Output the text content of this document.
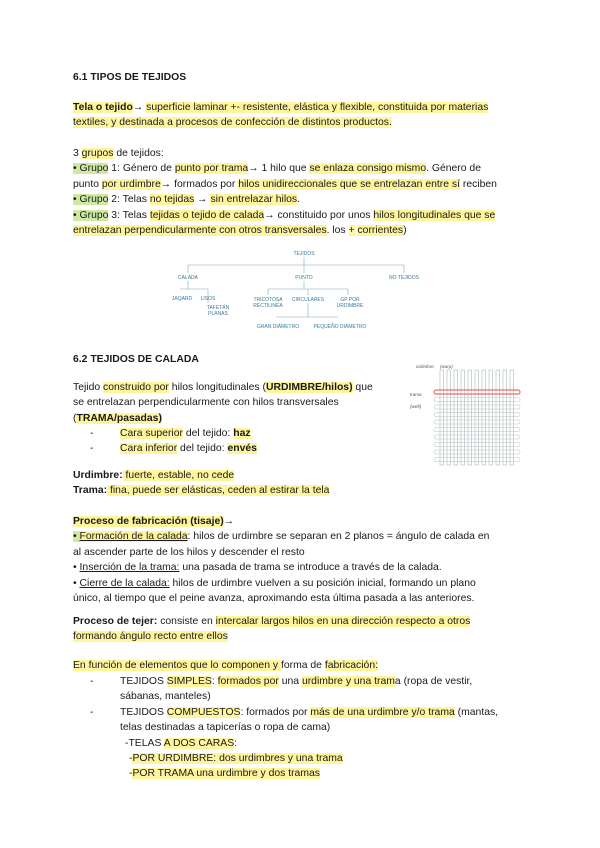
6.1 TIPOS DE TEJIDOS

Tela o tejido→ superficie laminar +- resistente, elástica y flexible, constituida por materias
textiles, y destinada a procesos de confección de distintos productos.

3 grupos de tejidos:
• Grupo 1: Género de punto por trama→ 1 hilo que se enlaza consigo mismo. Género de
punto por urdimbre→ formados por hilos unidireccionales que se entrelazan entre sí reciben
• Grupo 2: Telas no tejidas → sin entrelazar hilos.
• Grupo 3: Telas tejidas o tejido de calada→ constituido por unos hilos longitudinales que se
entrelazan perpendicularmente con otros transversales. los + corrientes)

TEJIDOS
CALADA	PUNTO	NO TEJIDOS
JAQARD LISOS
TAFETÁN
PLANAS
TRICOTOSA
RECTILINEA
CIRCULARES	GP POR
URDIMBRE
GRAN DIÁMETRO	PEQUEÑO DIÁMETRO

6.2 TEJIDOS DE CALADA

Tejido construido por hilos longitudinales (URDIMBRE/hilos) que
se entrelazan perpendicularmente con hilos transversales
(TRAMA/pasadas)

-	Cara superior del tejido: haz
-	Cara inferior del tejido: envés

urdimbre (warp)
trama
(weft)

Urdimbre: fuerte, estable, no cede
Trama: fina, puede ser elásticas, ceden al estirar la tela

Proceso de fabricación (tisaje)→
• Formación de la calada: hilos de urdimbre se separan en 2 planos = ángulo de calada en
al ascender parte de los hilos y descender el resto
• Inserción de la trama: una pasada de trama se introduce a través de la calada.
• Cierre de la calada: hilos de urdimbre vuelven a su posición inicial, formando un plano
único, al tiempo que el peine avanza, aproximando esta última pasada a las anteriores.

Proceso de tejer: consiste en intercalar largos hilos en una dirección respecto a otros
formando ángulo recto entre ellos

En función de elementos que lo componen y forma de fabricación:

-	TEJIDOS SIMPLES: formados por una urdimbre y una trama (ropa de vestir,
sábanas, manteles)
-	TEJIDOS COMPUESTOS: formados por más de una urdimbre y/o trama (mantas,
telas destinadas a tapicerías o ropa de cama)
-TELAS A DOS CARAS:
-POR URDIMBRE: dos urdimbres y una trama
-POR TRAMA una urdimbre y dos tramas
